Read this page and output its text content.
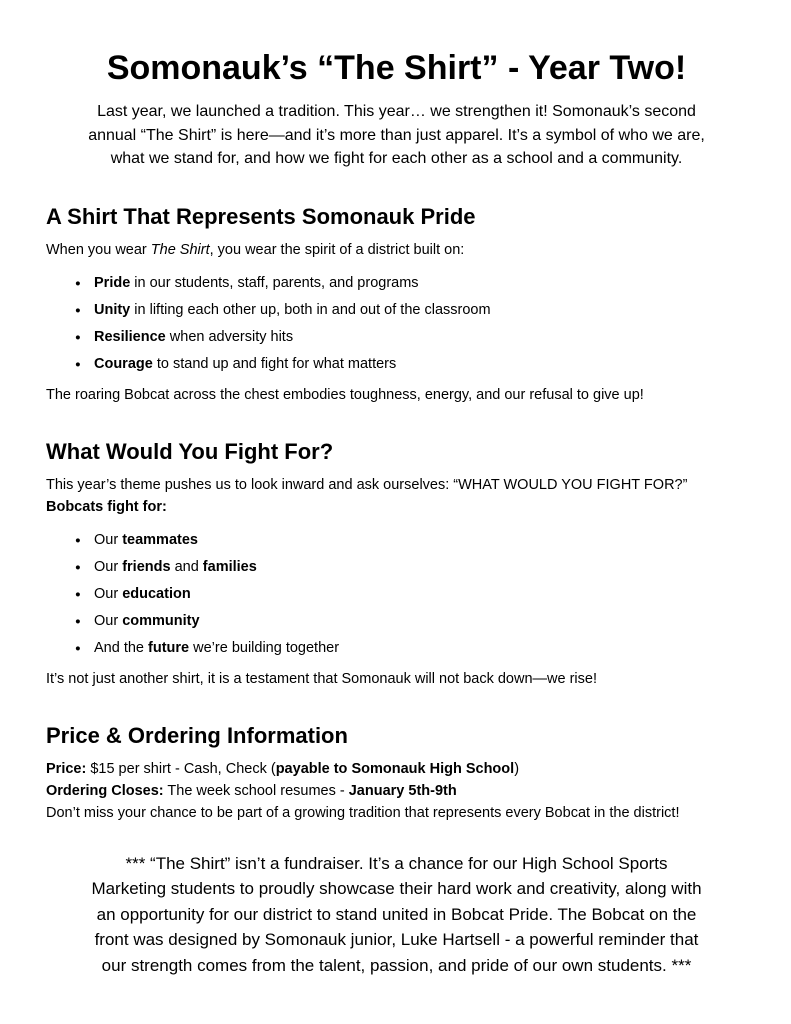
Somonauk’s “The Shirt” - Year Two!

Last year, we launched a tradition. This year… we strengthen it! Somonauk’s second
annual “The Shirt” is here—and it’s more than just apparel. It’s a symbol of who we are,
what we stand for, and how we fight for each other as a school and a community.

A Shirt That Represents Somonauk Pride

When you wear The Shirt, you wear the spirit of a district built on:

● Pride in our students, staff, parents, and programs
● Unity in lifting each other up, both in and out of the classroom
● Resilience when adversity hits
● Courage to stand up and fight for what matters

The roaring Bobcat across the chest embodies toughness, energy, and our refusal to give up!

What Would You Fight For?

This year’s theme pushes us to look inward and ask ourselves: “WHAT WOULD YOU FIGHT FOR?”
Bobcats fight for:

● Our teammates
● Our friends and families
● Our education
● Our community
● And the future we’re building together

It’s not just another shirt, it is a testament that Somonauk will not back down—we rise!

Price & Ordering Information
Price: $15 per shirt - Cash, Check (payable to Somonauk High School)
Ordering Closes: The week school resumes - January 5th-9th
Don’t miss your chance to be part of a growing tradition that represents every Bobcat in the district!

*** “The Shirt” isn’t a fundraiser. It’s a chance for our High School Sports
Marketing students to proudly showcase their hard work and creativity, along with
an opportunity for our district to stand united in Bobcat Pride. The Bobcat on the
front was designed by Somonauk junior, Luke Hartsell - a powerful reminder that
our strength comes from the talent, passion, and pride of our own students. ***
